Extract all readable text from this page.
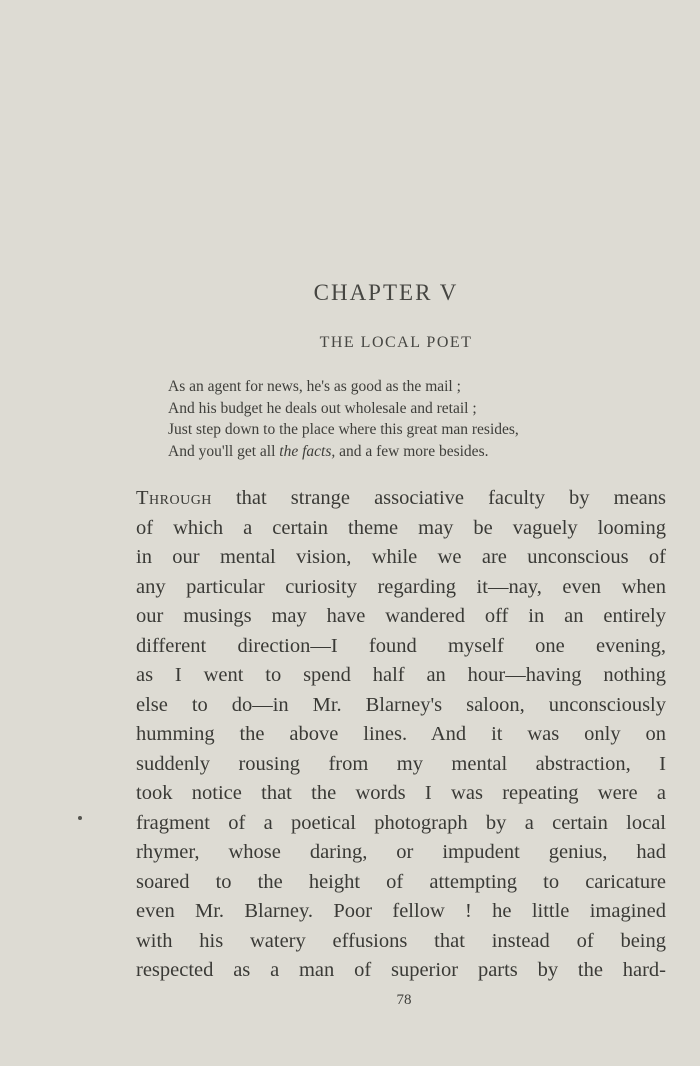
CHAPTER V
THE LOCAL POET
As an agent for news, he's as good as the mail ;
And his budget he deals out wholesale and retail ;
Just step down to the place where this great man resides,
And you'll get all the facts, and a few more besides.
Through that strange associative faculty by means
of which a certain theme may be vaguely looming
in our mental vision, while we are unconscious of
any particular curiosity regarding it—nay, even when
our musings may have wandered off in an entirely
different direction—I found myself one evening,
as I went to spend half an hour—having nothing
else to do—in Mr. Blarney's saloon, unconsciously
humming the above lines. And it was only on
suddenly rousing from my mental abstraction, I
took notice that the words I was repeating were a
fragment of a poetical photograph by a certain local
rhymer, whose daring, or impudent genius, had
soared to the height of attempting to caricature
even Mr. Blarney. Poor fellow ! he little imagined
with his watery effusions that instead of being
respected as a man of superior parts by the hard-
78
